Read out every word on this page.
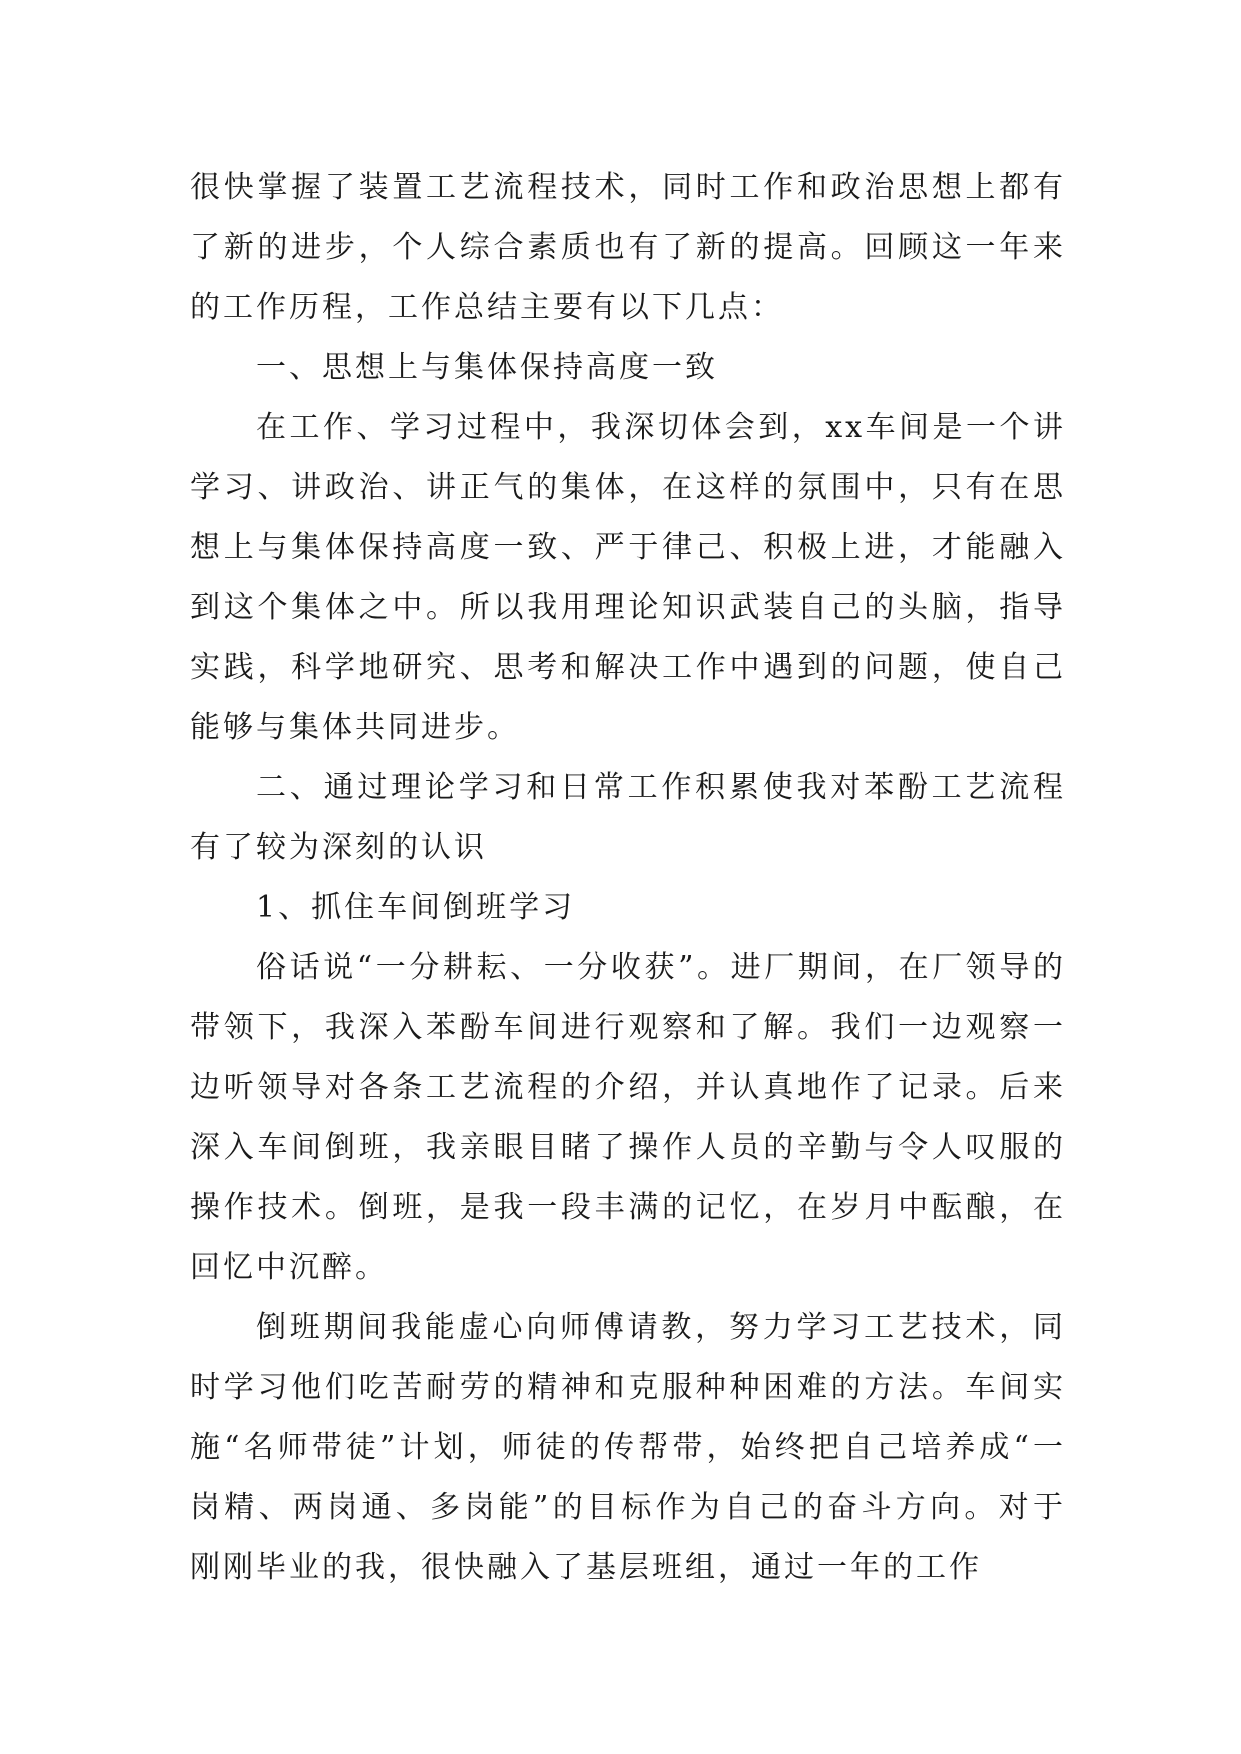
很快掌握了装置工艺流程技术，同时工作和政治思想上都有了新的进步，个人综合素质也有了新的提高。回顾这一年来的工作历程，工作总结主要有以下几点：

一、思想上与集体保持高度一致

在工作、学习过程中，我深切体会到，xx车间是一个讲学习、讲政治、讲正气的集体，在这样的氛围中，只有在思想上与集体保持高度一致、严于律己、积极上进，才能融入到这个集体之中。所以我用理论知识武装自己的头脑，指导实践，科学地研究、思考和解决工作中遇到的问题，使自己能够与集体共同进步。

二、通过理论学习和日常工作积累使我对苯酚工艺流程有了较为深刻的认识

1、抓住车间倒班学习

俗话说“一分耕耘、一分收获”。进厂期间，在厂领导的带领下，我深入苯酚车间进行观察和了解。我们一边观察一边听领导对各条工艺流程的介绍，并认真地作了记录。后来深入车间倒班，我亲眼目睹了操作人员的辛勤与令人叹服的操作技术。倒班，是我一段丰满的记忆，在岁月中酝酿，在回忆中沉醉。

倒班期间我能虚心向师傅请教，努力学习工艺技术，同时学习他们吃苦耐劳的精神和克服种种困难的方法。车间实施“名师带徒”计划，师徒的传帮带，始终把自己培养成“一岗精、两岗通、多岗能”的目标作为自己的奋斗方向。对于刚刚毕业的我，很快融入了基层班组，通过一年的工作
